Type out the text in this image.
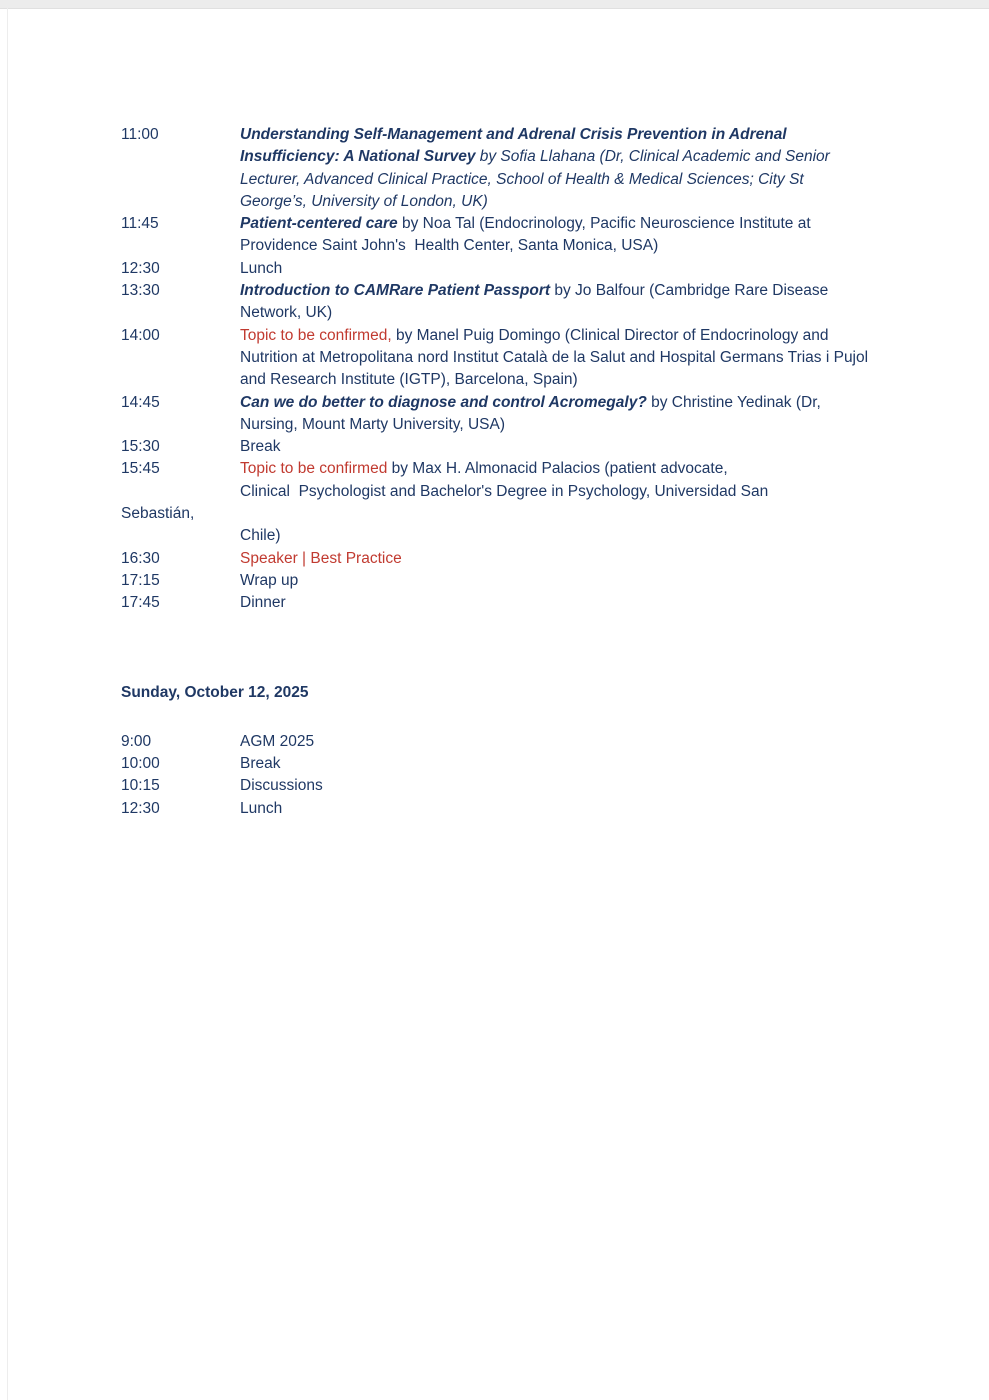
11:00	Understanding Self-Management and Adrenal Crisis Prevention in Adrenal Insufficiency: A National Survey by Sofia Llahana (Dr, Clinical Academic and Senior Lecturer, Advanced Clinical Practice, School of Health & Medical Sciences; City St George’s, University of London, UK)
11:45	Patient-centered care by Noa Tal (Endocrinology, Pacific Neuroscience Institute at Providence Saint John's  Health Center, Santa Monica, USA)
12:30	Lunch
13:30	Introduction to CAMRare Patient Passport by Jo Balfour (Cambridge Rare Disease Network, UK)
14:00	Topic to be confirmed, by Manel Puig Domingo (Clinical Director of Endocrinology and Nutrition at Metropolitana nord Institut Català de la Salut and Hospital Germans Trias i Pujol and Research Institute (IGTP), Barcelona, Spain)
14:45	Can we do better to diagnose and control Acromegaly? by Christine Yedinak (Dr, Nursing, Mount Marty University, USA)
15:30	Break
15:45	Topic to be confirmed by Max H. Almonacid Palacios (patient advocate,
Clinical  Psychologist and Bachelor's Degree in Psychology, Universidad San
Sebastián,
Chile)
16:30	Speaker | Best Practice
17:15	Wrap up
17:45	Dinner
Sunday, October 12, 2025
9:00	AGM 2025
10:00	Break
10:15	Discussions
12:30	Lunch
